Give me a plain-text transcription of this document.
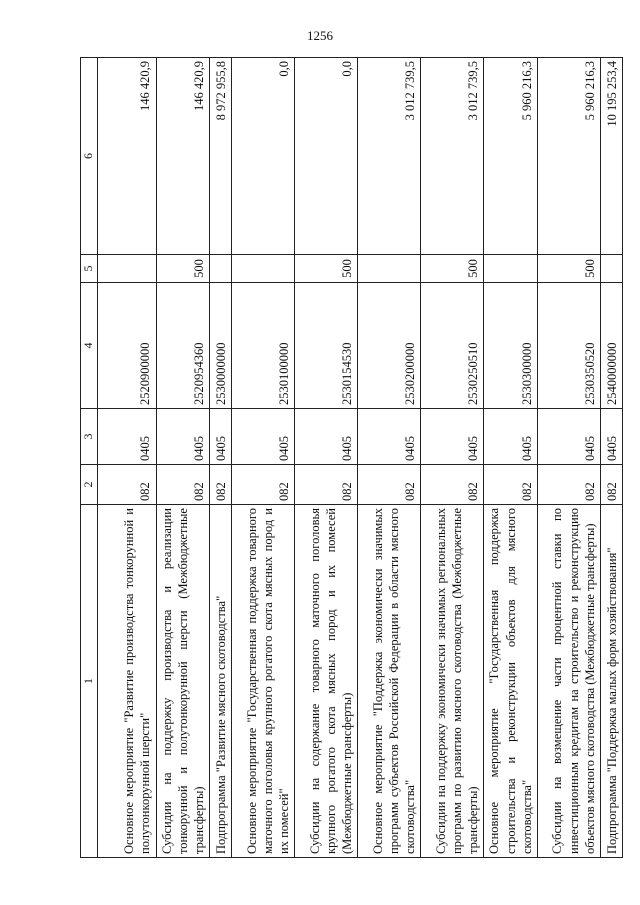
1256
1	2	3	4	5	6
Основное мероприятие "Развитие производства тонкорунной и полутонкорунной шерсти"	082	0405	2520900000		146 420,9
Субсидии на поддержку производства и реализации тонкорунной и полутонкорунной шерсти (Межбюджетные трансферты)	082	0405	2520954360	500	146 420,9
Подпрограмма "Развитие мясного скотоводства"	082	0405	2530000000		8 972 955,8
Основное мероприятие "Государственная поддержка товарного маточного поголовья крупного рогатого скота мясных пород и их помесей"	082	0405	2530100000		0,0
Субсидии на содержание товарного маточного поголовья крупного рогатого скота мясных пород и их помесей (Межбюджетные трансферты)	082	0405	2530154530	500	0,0
Основное мероприятие "Поддержка экономически значимых программ субъектов Российской Федерации в области мясного скотоводства"	082	0405	2530200000		3 012 739,5
Субсидии на поддержку экономически значимых региональных программ по развитию мясного скотоводства (Межбюджетные трансферты)	082	0405	2530250510	500	3 012 739,5
Основное мероприятие "Государственная поддержка строительства и реконструкции объектов для мясного скотоводства"	082	0405	2530300000		5 960 216,3
Субсидии на возмещение части процентной ставки по инвестиционным кредитам на строительство и реконструкцию объектов мясного скотоводства (Межбюджетные трансферты)	082	0405	2530350520	500	5 960 216,3
Подпрограмма "Поддержка малых форм хозяйствования"	082	0405	2540000000		10 195 253,4
